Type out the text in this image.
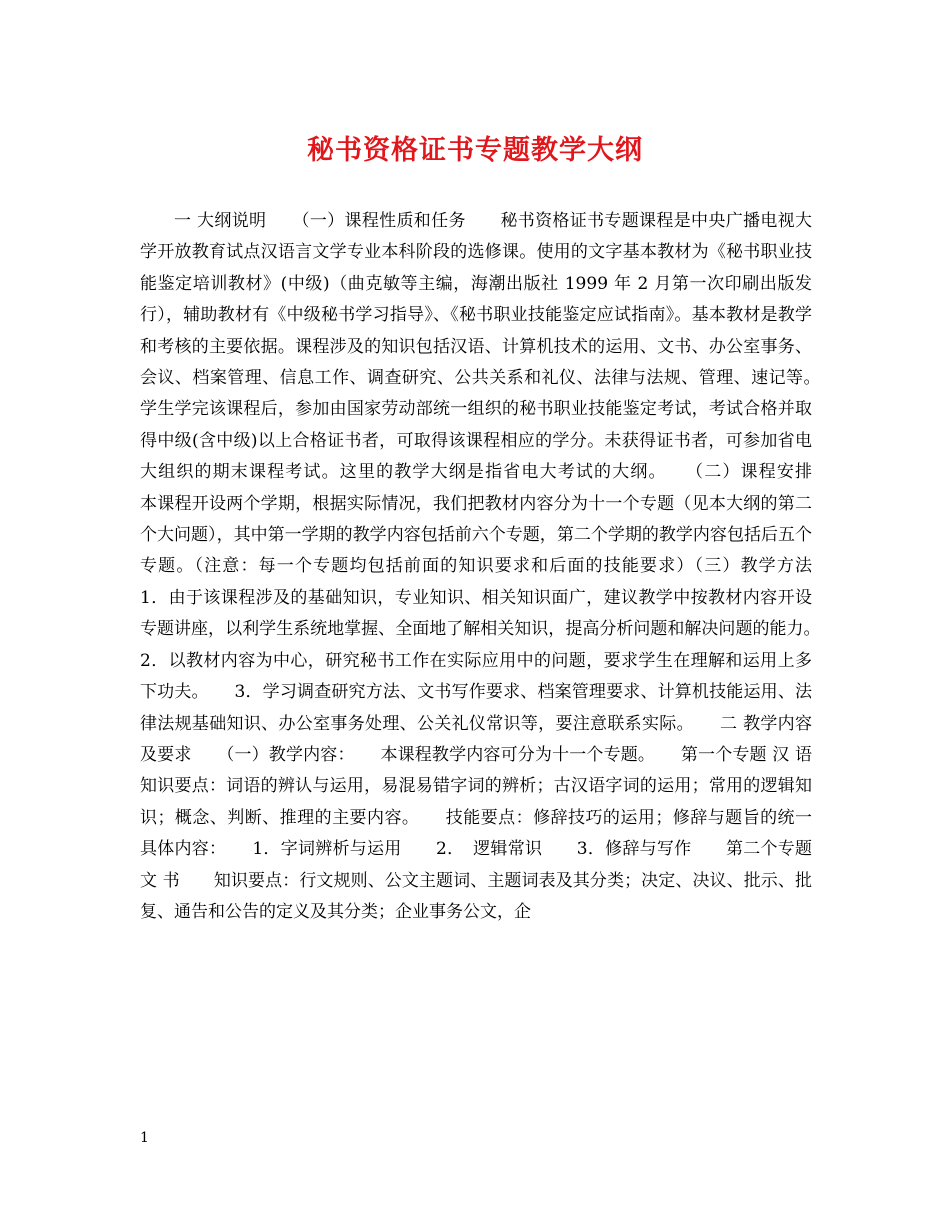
秘书资格证书专题教学大纲

一 大纲说明　　（一）课程性质和任务　　秘书资格证书专题课程是中央广播电视大学开放教育试点汉语言文学专业本科阶段的选修课。使用的文字基本教材为《秘书职业技能鉴定培训教材》(中级)（曲克敏等主编，海潮出版社 1999 年 2 月第一次印刷出版发行），辅助教材有《中级秘书学习指导》、《秘书职业技能鉴定应试指南》。基本教材是教学和考核的主要依据。课程涉及的知识包括汉语、计算机技术的运用、文书、办公室事务、会议、档案管理、信息工作、调查研究、公共关系和礼仪、法律与法规、管理、速记等。　　学生学完该课程后，参加由国家劳动部统一组织的秘书职业技能鉴定考试，考试合格并取得中级(含中级)以上合格证书者，可取得该课程相应的学分。未获得证书者，可参加省电大组织的期末课程考试。这里的教学大纲是指省电大考试的大纲。　　（二）课程安排　　本课程开设两个学期，根据实际情况，我们把教材内容分为十一个专题（见本大纲的第二个大问题），其中第一学期的教学内容包括前六个专题，第二个学期的教学内容包括后五个专题。（注意：每一个专题均包括前面的知识要求和后面的技能要求）（三）教学方法　　1．由于该课程涉及的基础知识，专业知识、相关知识面广，建议教学中按教材内容开设专题讲座，以利学生系统地掌握、全面地了解相关知识，提高分析问题和解决问题的能力。　　2．以教材内容为中心，研究秘书工作在实际应用中的问题，要求学生在理解和运用上多下功夫。　　3．学习调查研究方法、文书写作要求、档案管理要求、计算机技能运用、法律法规基础知识、办公室事务处理、公关礼仪常识等，要注意联系实际。　　二 教学内容及要求　　（一）教学内容：　　本课程教学内容可分为十一个专题。　　第一个专题 汉 语　　知识要点：词语的辨认与运用，易混易错字词的辨析；古汉语字词的运用；常用的逻辑知识；概念、判断、推理的主要内容。　　技能要点：修辞技巧的运用；修辞与题旨的统一　　具体内容：　　1．字词辨析与运用　　2．　逻辑常识　　3．修辞与写作　　第二个专题 文 书　　知识要点：行文规则、公文主题词、主题词表及其分类；决定、决议、批示、批复、通告和公告的定义及其分类；企业事务公文，企

1
